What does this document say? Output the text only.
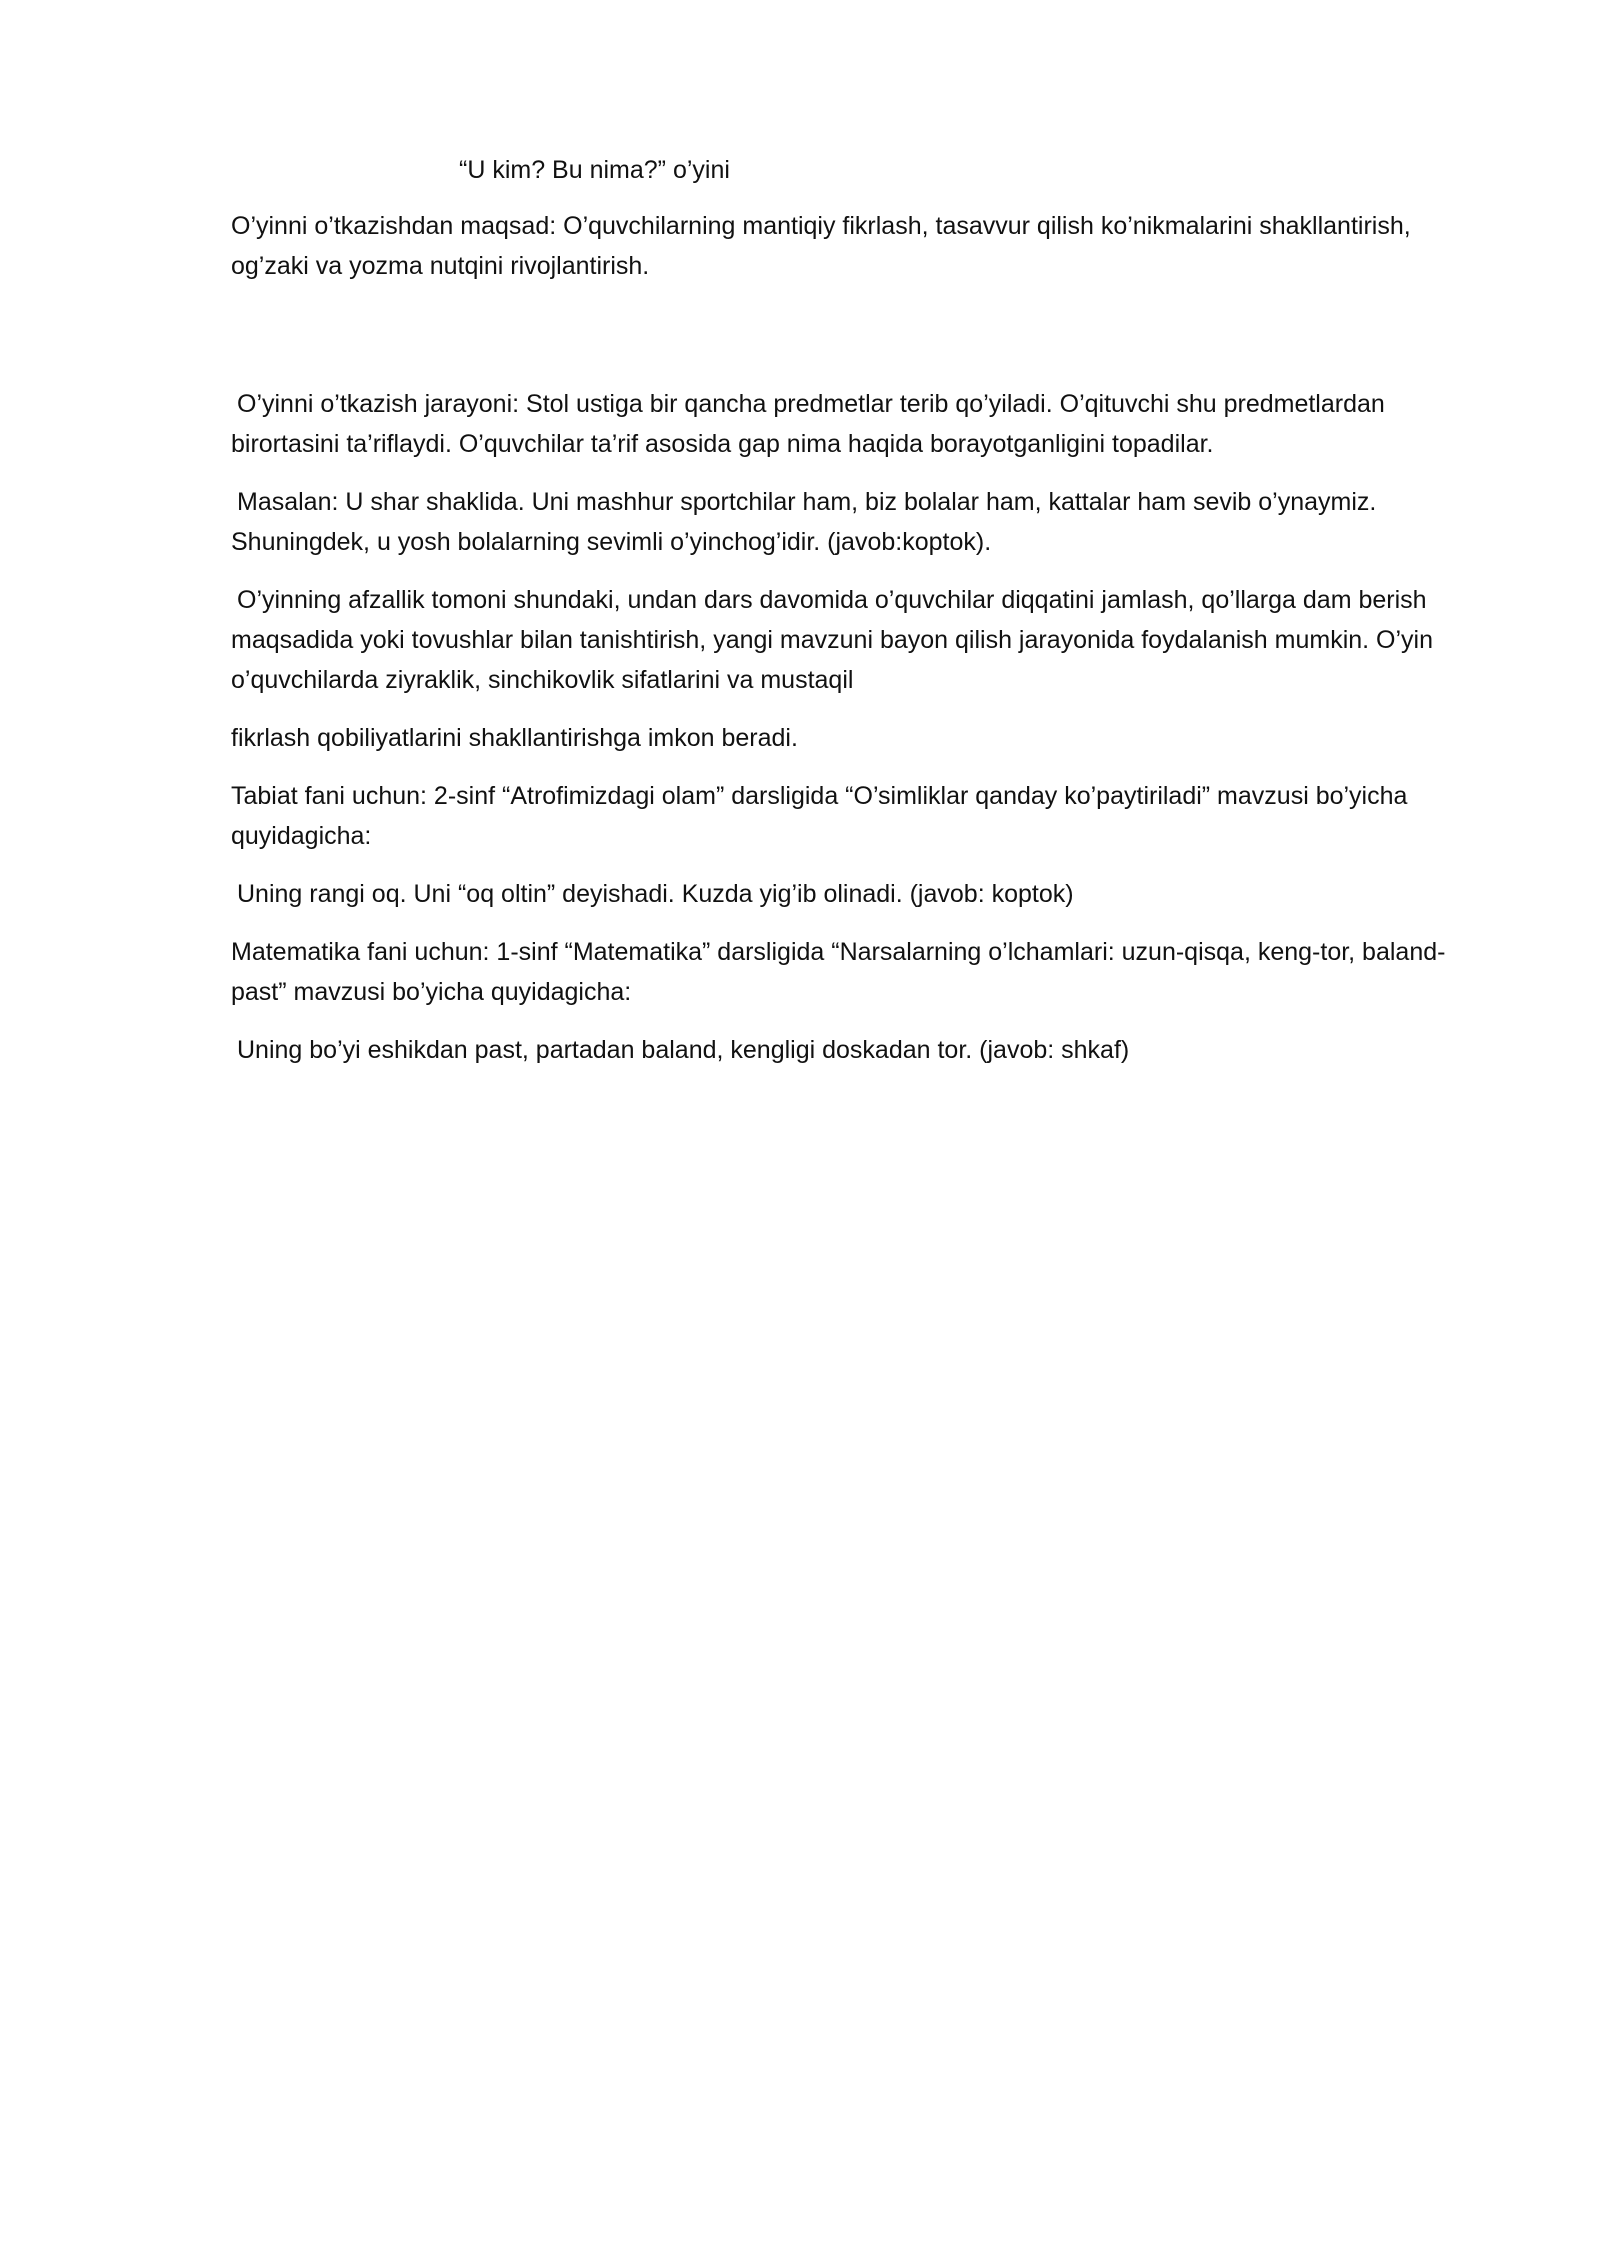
“U kim? Bu nima?” o’yini

O’yinni o’tkazishdan maqsad: O’quvchilarning mantiqiy fikrlash, tasavvur qilish ko’nikmalarini shakllantirish, og’zaki va yozma nutqini rivojlantirish.

O’yinni o’tkazish jarayoni: Stol ustiga bir qancha predmetlar terib qo’yiladi. O’qituvchi shu predmetlardan birortasini ta’riflaydi. O’quvchilar ta’rif asosida gap nima haqida borayotganligini topadilar.

Masalan: U shar shaklida. Uni mashhur sportchilar ham, biz bolalar ham, kattalar ham sevib o’ynaymiz. Shuningdek, u yosh bolalarning sevimli o’yinchog’idir. (javob:koptok).

O’yinning afzallik tomoni shundaki, undan dars davomida o’quvchilar diqqatini jamlash, qo’llarga dam berish maqsadida yoki tovushlar bilan tanishtirish, yangi mavzuni bayon qilish jarayonida foydalanish mumkin. O’yin o’quvchilarda ziyraklik, sinchikovlik sifatlarini va mustaqil

fikrlash qobiliyatlarini shakllantirishga imkon beradi.

Tabiat fani uchun: 2-sinf “Atrofimizdagi olam” darsligida “O’simliklar qanday ko’paytiriladi” mavzusi bo’yicha quyidagicha:

Uning rangi oq. Uni “oq oltin” deyishadi. Kuzda yig’ib olinadi. (javob: koptok)

Matematika fani uchun: 1-sinf “Matematika” darsligida “Narsalarning o’lchamlari: uzun-qisqa, keng-tor, baland-past” mavzusi bo’yicha quyidagicha:

Uning bo’yi eshikdan past, partadan baland, kengligi doskadan tor. (javob: shkaf)
